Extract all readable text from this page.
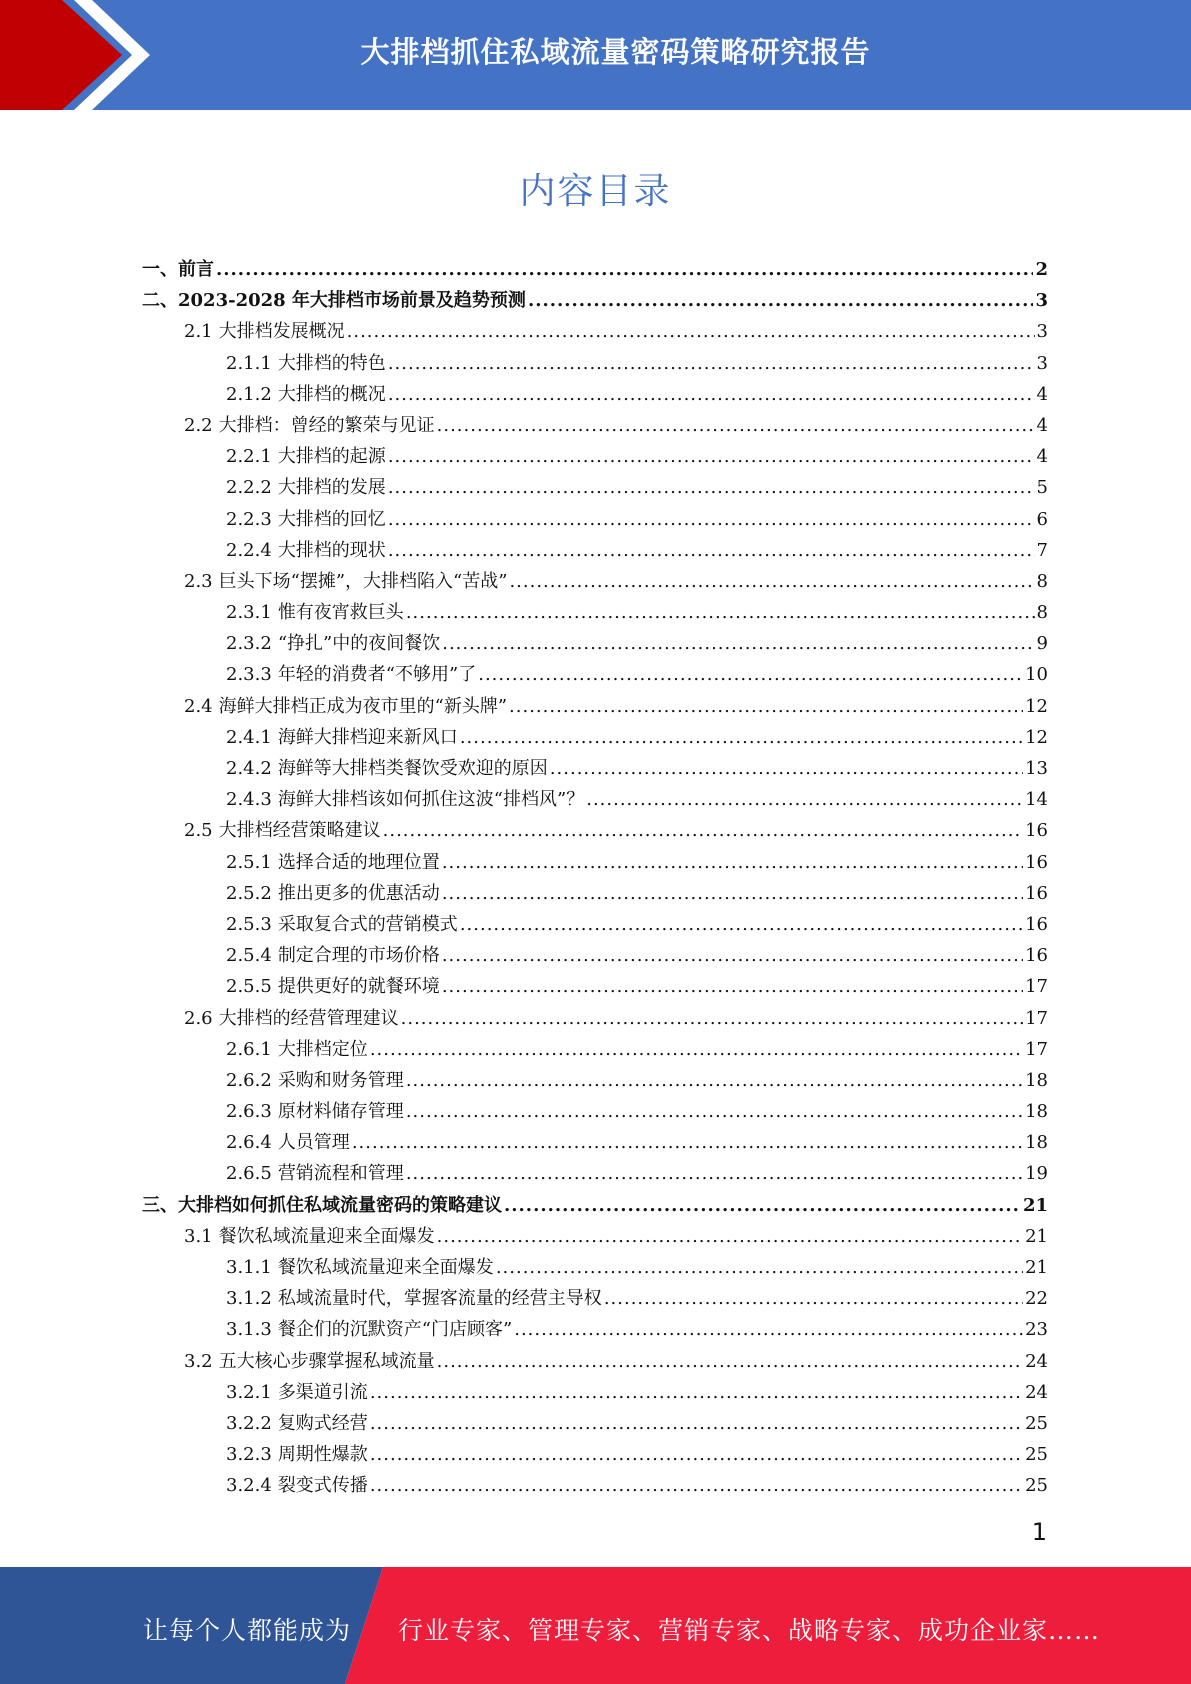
大排档抓住私域流量密码策略研究报告
内容目录
一、 前言 .....	2
二、 2023-2028 年大排档市场前景及趋势预测 .....	3
2.1 大排档发展概况 .....	3
2.1.1 大排档的特色 .....	3
2.1.2 大排档的概况 .....	4
2.2 大排档：曾经的繁荣与见证 .....	4
2.2.1 大排档的起源 .....	4
2.2.2 大排档的发展 .....	5
2.2.3 大排档的回忆 .....	6
2.2.4 大排档的现状 .....	7
2.3 巨头下场“摆摊”，大排档陷入“苦战” .....	8
2.3.1 惟有夜宵救巨头 .....	8
2.3.2 “挣扎”中的夜间餐饮 .....	9
2.3.3 年轻的消费者“不够用”了 .....	10
2.4 海鲜大排档正成为夜市里的“新头牌” .....	12
2.4.1 海鲜大排档迎来新风口 .....	12
2.4.2 海鲜等大排档类餐饮受欢迎的原因 .....	13
2.4.3 海鲜大排档该如何抓住这波“排档风”？ .....	14
2.5 大排档经营策略建议 .....	16
2.5.1 选择合适的地理位置 .....	16
2.5.2 推出更多的优惠活动 .....	16
2.5.3 采取复合式的营销模式 .....	16
2.5.4 制定合理的市场价格 .....	16
2.5.5 提供更好的就餐环境 .....	17
2.6 大排档的经营管理建议 .....	17
2.6.1 大排档定位 .....	17
2.6.2 采购和财务管理 .....	18
2.6.3 原材料储存管理 .....	18
2.6.4 人员管理 .....	18
2.6.5 营销流程和管理 .....	19
三、 大排档如何抓住私域流量密码的策略建议 .....	21
3.1 餐饮私域流量迎来全面爆发 .....	21
3.1.1 餐饮私域流量迎来全面爆发 .....	21
3.1.2 私域流量时代，掌握客流量的经营主导权 .....	22
3.1.3 餐企们的沉默资产“门店顾客” .....	23
3.2 五大核心步骤掌握私域流量 .....	24
3.2.1 多渠道引流 .....	24
3.2.2 复购式经营 .....	25
3.2.3 周期性爆款 .....	25
3.2.4 裂变式传播 .....	25
1
让每个人都能成为 行业专家、管理专家、营销专家、战略专家、成功企业家……
